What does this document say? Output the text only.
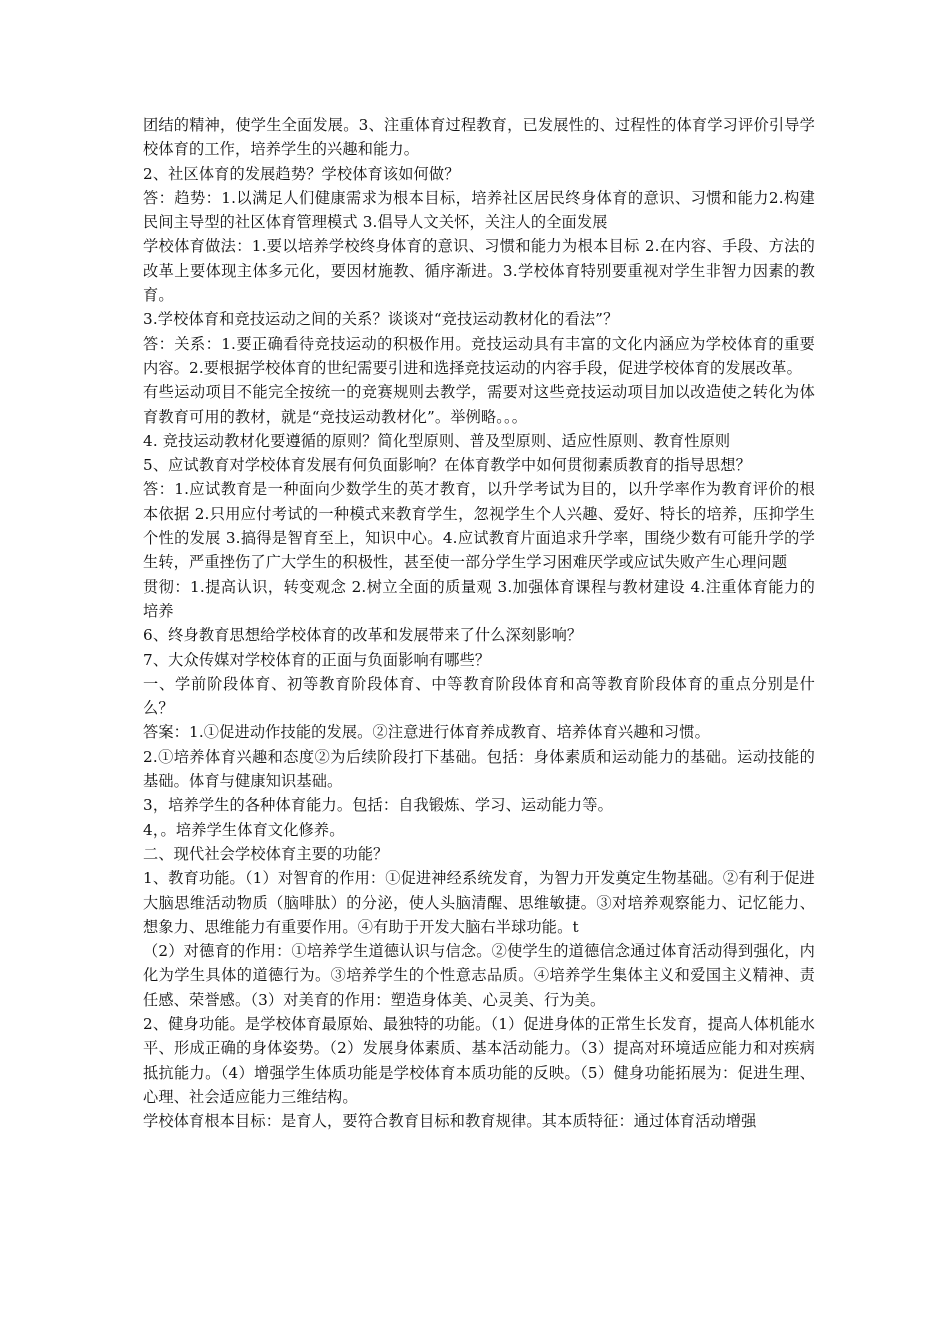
团结的精神，使学生全面发展。3、注重体育过程教育，已发展性的、过程性的体育学习评价引导学校体育的工作，培养学生的兴趣和能力。

2、社区体育的发展趋势？学校体育该如何做？

答：趋势：1.以满足人们健康需求为根本目标，培养社区居民终身体育的意识、习惯和能力2.构建民间主导型的社区体育管理模式 3.倡导人文关怀，关注人的全面发展

学校体育做法：1.要以培养学校终身体育的意识、习惯和能力为根本目标 2.在内容、手段、方法的改革上要体现主体多元化，要因材施教、循序渐进。3.学校体育特别要重视对学生非智力因素的教育。

3.学校体育和竞技运动之间的关系？谈谈对“竞技运动教材化的看法”？

答：关系：1.要正确看待竞技运动的积极作用。竞技运动具有丰富的文化内涵应为学校体育的重要内容。2.要根据学校体育的世纪需要引进和选择竞技运动的内容手段，促进学校体育的发展改革。

有些运动项目不能完全按统一的竞赛规则去教学，需要对这些竞技运动项目加以改造使之转化为体育教育可用的教材，就是“竞技运动教材化”。举例略。。。

4. 竞技运动教材化要遵循的原则？简化型原则、普及型原则、适应性原则、教育性原则

5、应试教育对学校体育发展有何负面影响？在体育教学中如何贯彻素质教育的指导思想？

答：1.应试教育是一种面向少数学生的英才教育，以升学考试为目的，以升学率作为教育评价的根本依据 2.只用应付考试的一种模式来教育学生，忽视学生个人兴趣、爱好、特长的培养，压抑学生个性的发展 3.搞得是智育至上，知识中心。4.应试教育片面追求升学率，围绕少数有可能升学的学生转，严重挫伤了广大学生的积极性，甚至使一部分学生学习困难厌学或应试失败产生心理问题

贯彻：1.提高认识，转变观念 2.树立全面的质量观 3.加强体育课程与教材建设 4.注重体育能力的培养

6、终身教育思想给学校体育的改革和发展带来了什么深刻影响？

7、大众传媒对学校体育的正面与负面影响有哪些？

一、学前阶段体育、初等教育阶段体育、中等教育阶段体育和高等教育阶段体育的重点分别是什么？

答案：1.①促进动作技能的发展。②注意进行体育养成教育、培养体育兴趣和习惯。

2.①培养体育兴趣和态度②为后续阶段打下基础。包括：身体素质和运动能力的基础。运动技能的基础。体育与健康知识基础。

3，培养学生的各种体育能力。包括：自我锻炼、学习、运动能力等。

4，。培养学生体育文化修养。

二、现代社会学校体育主要的功能？

1、教育功能。（1）对智育的作用：①促进神经系统发育，为智力开发奠定生物基础。②有利于促进大脑思维活动物质（脑啡肽）的分泌，使人头脑清醒、思维敏捷。③对培养观察能力、记忆能力、想象力、思维能力有重要作用。④有助于开发大脑右半球功能。t

（2）对德育的作用：①培养学生道德认识与信念。②使学生的道德信念通过体育活动得到强化，内化为学生具体的道德行为。③培养学生的个性意志品质。④培养学生集体主义和爱国主义精神、责任感、荣誉感。（3）对美育的作用：塑造身体美、心灵美、行为美。

2、健身功能。是学校体育最原始、最独特的功能。（1）促进身体的正常生长发育，提高人体机能水平、形成正确的身体姿势。（2）发展身体素质、基本活动能力。（3）提高对环境适应能力和对疾病抵抗能力。（4）增强学生体质功能是学校体育本质功能的反映。（5）健身功能拓展为：促进生理、心理、社会适应能力三维结构。

学校体育根本目标：是育人，要符合教育目标和教育规律。其本质特征：通过体育活动增强
